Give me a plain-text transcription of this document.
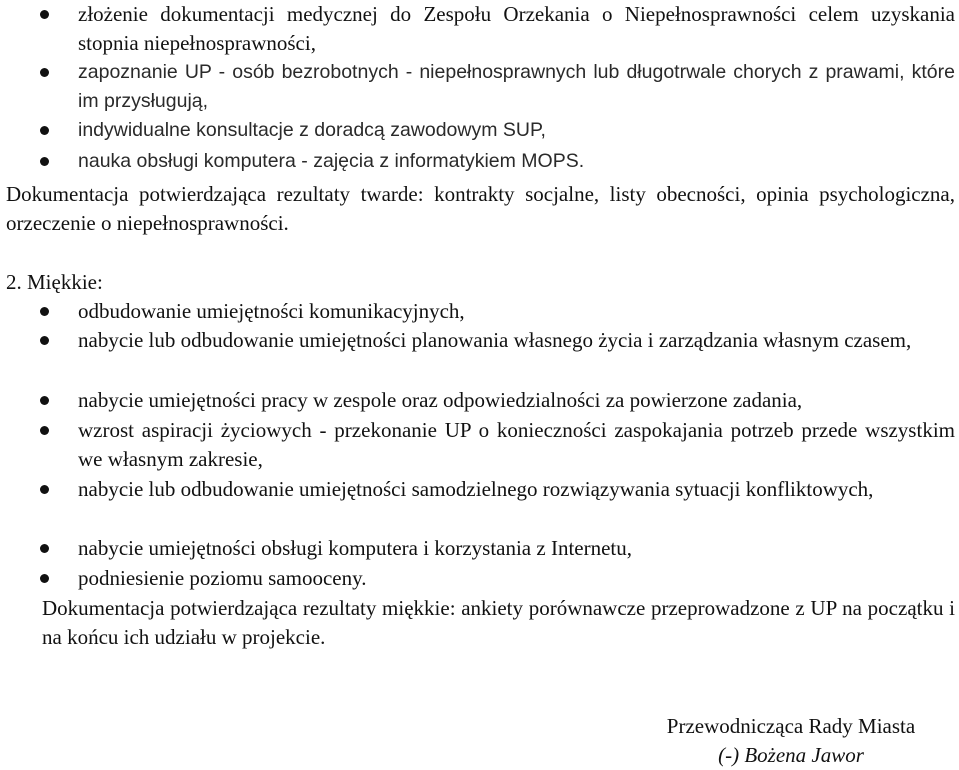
złożenie dokumentacji medycznej do Zespołu Orzekania o Niepełnosprawności celem uzyskania stopnia niepełnosprawności,
zapoznanie UP - osób bezrobotnych - niepełnosprawnych lub długotrwale chorych z prawami, które im przysługują,
indywidualne konsultacje z doradcą zawodowym SUP,
nauka obsługi komputera - zajęcia z informatykiem MOPS.

Dokumentacja potwierdzająca rezultaty twarde: kontrakty socjalne, listy obecności, opinia psychologiczna, orzeczenie o niepełnosprawności.

2. Miękkie:

odbudowanie umiejętności komunikacyjnych,
nabycie lub odbudowanie umiejętności planowania własnego życia i zarządzania własnym czasem,
nabycie umiejętności pracy w zespole oraz odpowiedzialności za powierzone zadania,
wzrost aspiracji życiowych - przekonanie UP o konieczności zaspokajania potrzeb przede wszystkim we własnym zakresie,
nabycie lub odbudowanie umiejętności samodzielnego rozwiązywania sytuacji konfliktowych,
nabycie umiejętności obsługi komputera i korzystania z Internetu,
podniesienie poziomu samooceny.

Dokumentacja potwierdzająca rezultaty miękkie: ankiety porównawcze przeprowadzone z UP na początku i na końcu ich udziału w projekcie.

Przewodnicząca Rady Miasta
(-) Bożena Jawor
